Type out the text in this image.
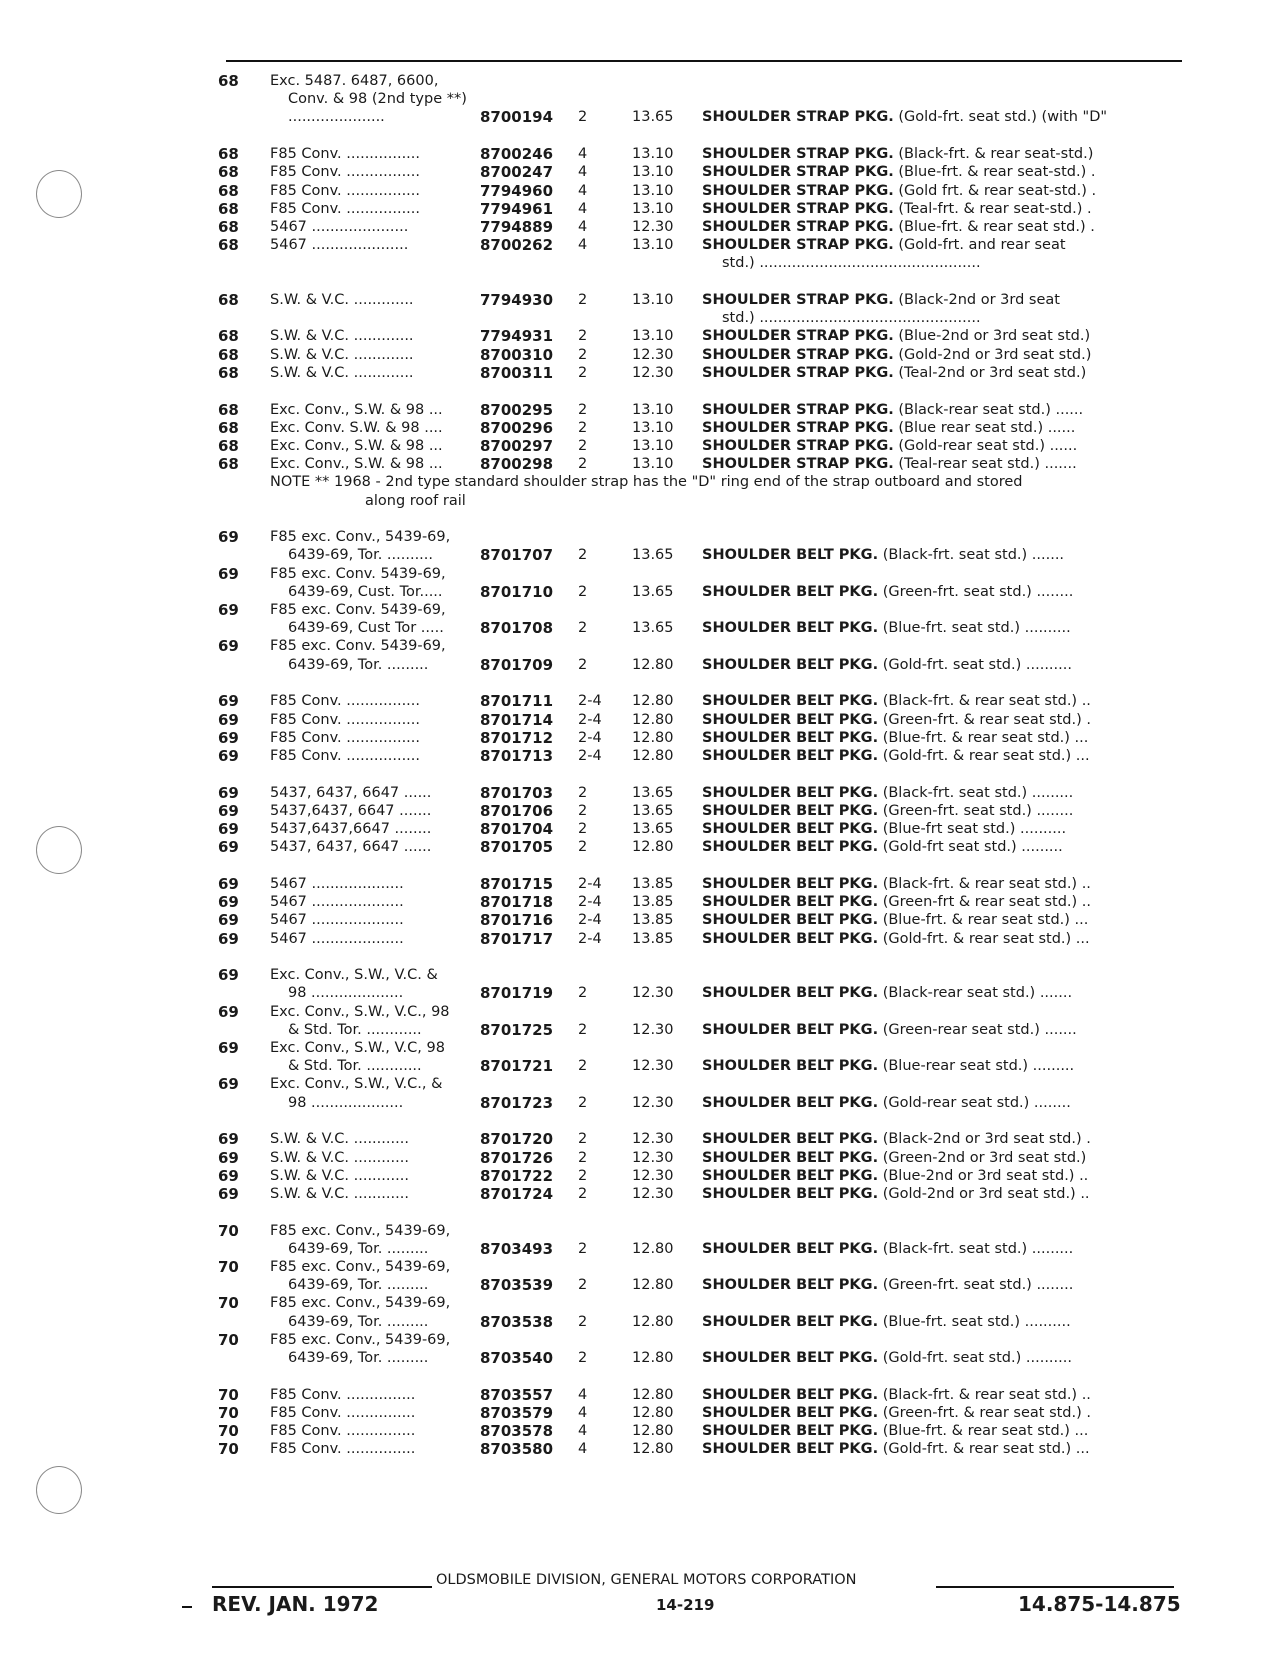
68 Exc. 5487. 6487, 6600,
Conv. & 98 (2nd type **)
.....................	8700194 2	13.65 SHOULDER STRAP PKG. (Gold-frt. seat std.) (with "D"
68 F85 Conv. ................	8700246 4	13.10 SHOULDER STRAP PKG. (Black-frt. & rear seat-std.)
68 F85 Conv. ................	8700247 4	13.10 SHOULDER STRAP PKG. (Blue-frt. & rear seat-std.) .
68 F85 Conv. ................	7794960 4	13.10 SHOULDER STRAP PKG. (Gold frt. & rear seat-std.) .
68 F85 Conv. ................	7794961 4	13.10 SHOULDER STRAP PKG. (Teal-frt. & rear seat-std.) .
68 5467 .....................	7794889 4	12.30 SHOULDER STRAP PKG. (Blue-frt. & rear seat std.) .
68 5467 .....................	8700262 4	13.10 SHOULDER STRAP PKG. (Gold-frt. and rear seat
std.) ................................................
68 S.W. & V.C. .............	7794930 2	13.10 SHOULDER STRAP PKG. (Black-2nd or 3rd seat
std.) ................................................
68 S.W. & V.C. .............	7794931 2	13.10 SHOULDER STRAP PKG. (Blue-2nd or 3rd seat std.)
68 S.W. & V.C. .............	8700310 2	12.30 SHOULDER STRAP PKG. (Gold-2nd or 3rd seat std.)
68 S.W. & V.C. .............	8700311 2	12.30 SHOULDER STRAP PKG. (Teal-2nd or 3rd seat std.)
68 Exc. Conv., S.W. & 98 ...	8700295 2	13.10 SHOULDER STRAP PKG. (Black-rear seat std.) ......
68 Exc. Conv. S.W. & 98 ....	8700296 2	13.10 SHOULDER STRAP PKG. (Blue rear seat std.) ......
68 Exc. Conv., S.W. & 98 ...	8700297 2	13.10 SHOULDER STRAP PKG. (Gold-rear seat std.) ......
68 Exc. Conv., S.W. & 98 ...	8700298 2	13.10 SHOULDER STRAP PKG. (Teal-rear seat std.) .......
NOTE ** 1968 - 2nd type standard shoulder strap has the "D" ring end of the strap outboard and stored
along roof rail
69 F85 exc. Conv., 5439-69,
6439-69, Tor. ..........	8701707 2	13.65 SHOULDER BELT PKG. (Black-frt. seat std.) .......
69 F85 exc. Conv. 5439-69,
6439-69, Cust. Tor.....	8701710 2	13.65 SHOULDER BELT PKG. (Green-frt. seat std.) ........
69 F85 exc. Conv. 5439-69,
6439-69, Cust Tor .....	8701708 2	13.65 SHOULDER BELT PKG. (Blue-frt. seat std.) ..........
69 F85 exc. Conv. 5439-69,
6439-69, Tor. .........	8701709 2	12.80 SHOULDER BELT PKG. (Gold-frt. seat std.) ..........
69 F85 Conv. ................	8701711 2-4 12.80 SHOULDER BELT PKG. (Black-frt. & rear seat std.) ..
69 F85 Conv. ................	8701714 2-4 12.80 SHOULDER BELT PKG. (Green-frt. & rear seat std.) .
69 F85 Conv. ................	8701712 2-4 12.80 SHOULDER BELT PKG. (Blue-frt. & rear seat std.) ...
69 F85 Conv. ................	8701713 2-4 12.80 SHOULDER BELT PKG. (Gold-frt. & rear seat std.) ...
69 5437, 6437, 6647 ......	8701703 2	13.65 SHOULDER BELT PKG. (Black-frt. seat std.) .........
69 5437,6437, 6647 .......	8701706 2	13.65 SHOULDER BELT PKG. (Green-frt. seat std.) ........
69 5437,6437,6647 ........	8701704 2	13.65 SHOULDER BELT PKG. (Blue-frt seat std.) ..........
69 5437, 6437, 6647 ......	8701705 2	12.80 SHOULDER BELT PKG. (Gold-frt seat std.) .........
69 5467 ....................	8701715 2-4 13.85 SHOULDER BELT PKG. (Black-frt. & rear seat std.) ..
69 5467 ....................	8701718 2-4 13.85 SHOULDER BELT PKG. (Green-frt & rear seat std.) ..
69 5467 ....................	8701716 2-4 13.85 SHOULDER BELT PKG. (Blue-frt. & rear seat std.) ...
69 5467 ....................	8701717 2-4 13.85 SHOULDER BELT PKG. (Gold-frt. & rear seat std.) ...
69 Exc. Conv., S.W., V.C. &
98 ....................	8701719 2	12.30 SHOULDER BELT PKG. (Black-rear seat std.) .......
69 Exc. Conv., S.W., V.C., 98
& Std. Tor. ............	8701725 2	12.30 SHOULDER BELT PKG. (Green-rear seat std.) .......
69 Exc. Conv., S.W., V.C, 98
& Std. Tor. ............	8701721 2	12.30 SHOULDER BELT PKG. (Blue-rear seat std.) .........
69 Exc. Conv., S.W., V.C., &
98 ....................	8701723 2	12.30 SHOULDER BELT PKG. (Gold-rear seat std.) ........
69 S.W. & V.C. ............	8701720 2	12.30 SHOULDER BELT PKG. (Black-2nd or 3rd seat std.) .
69 S.W. & V.C. ............	8701726 2	12.30 SHOULDER BELT PKG. (Green-2nd or 3rd seat std.)
69 S.W. & V.C. ............	8701722 2	12.30 SHOULDER BELT PKG. (Blue-2nd or 3rd seat std.) ..
69 S.W. & V.C. ............	8701724 2	12.30 SHOULDER BELT PKG. (Gold-2nd or 3rd seat std.) ..
70 F85 exc. Conv., 5439-69,
6439-69, Tor. .........	8703493 2	12.80 SHOULDER BELT PKG. (Black-frt. seat std.) .........
70 F85 exc. Conv., 5439-69,
6439-69, Tor. .........	8703539 2	12.80 SHOULDER BELT PKG. (Green-frt. seat std.) ........
70 F85 exc. Conv., 5439-69,
6439-69, Tor. .........	8703538 2	12.80 SHOULDER BELT PKG. (Blue-frt. seat std.) ..........
70 F85 exc. Conv., 5439-69,
6439-69, Tor. .........	8703540 2	12.80 SHOULDER BELT PKG. (Gold-frt. seat std.) ..........
70 F85 Conv. ...............	8703557 4	12.80 SHOULDER BELT PKG. (Black-frt. & rear seat std.) ..
70 F85 Conv. ...............	8703579 4	12.80 SHOULDER BELT PKG. (Green-frt. & rear seat std.) .
70 F85 Conv. ...............	8703578 4	12.80 SHOULDER BELT PKG. (Blue-frt. & rear seat std.) ...
70 F85 Conv. ...............	8703580 4	12.80 SHOULDER BELT PKG. (Gold-frt. & rear seat std.) ...
OLDSMOBILE DIVISION, GENERAL MOTORS CORPORATION
REV. JAN. 1972	14-219	14.875-14.875
